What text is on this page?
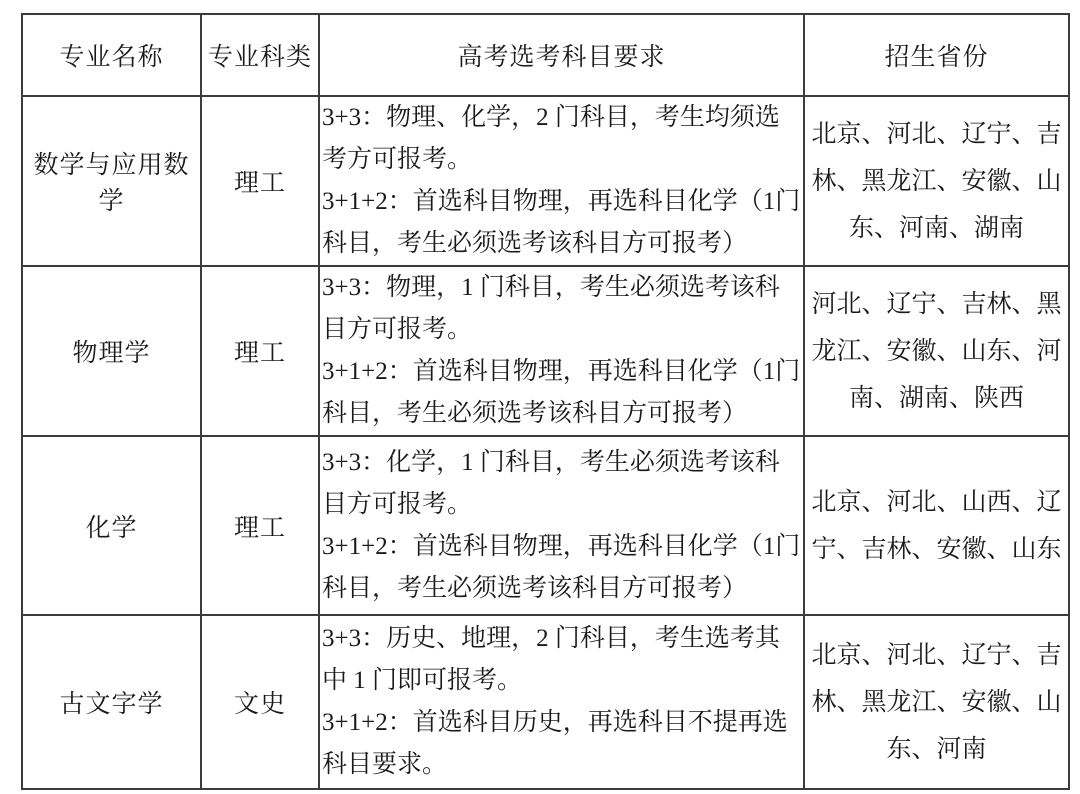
专业名称	专业科类	高考选考科目要求	招生省份
数学与应用数学	理工	3+3：物理、化学，2 门科目，考生均须选考方可报考。
3+1+2：首选科目物理，再选科目化学（1门科目，考生必须选考该科目方可报考）	北京、河北、辽宁、吉林、黑龙江、安徽、山东、河南、湖南
物理学	理工	3+3：物理，1 门科目，考生必须选考该科目方可报考。
3+1+2：首选科目物理，再选科目化学（1门科目，考生必须选考该科目方可报考）	河北、辽宁、吉林、黑龙江、安徽、山东、河南、湖南、陕西
化学	理工	3+3：化学，1 门科目，考生必须选考该科目方可报考。
3+1+2：首选科目物理，再选科目化学（1门科目，考生必须选考该科目方可报考）	北京、河北、山西、辽宁、吉林、安徽、山东
古文字学	文史	3+3：历史、地理，2 门科目，考生选考其中 1 门即可报考。
3+1+2：首选科目历史，再选科目不提再选科目要求。	北京、河北、辽宁、吉林、黑龙江、安徽、山东、河南
